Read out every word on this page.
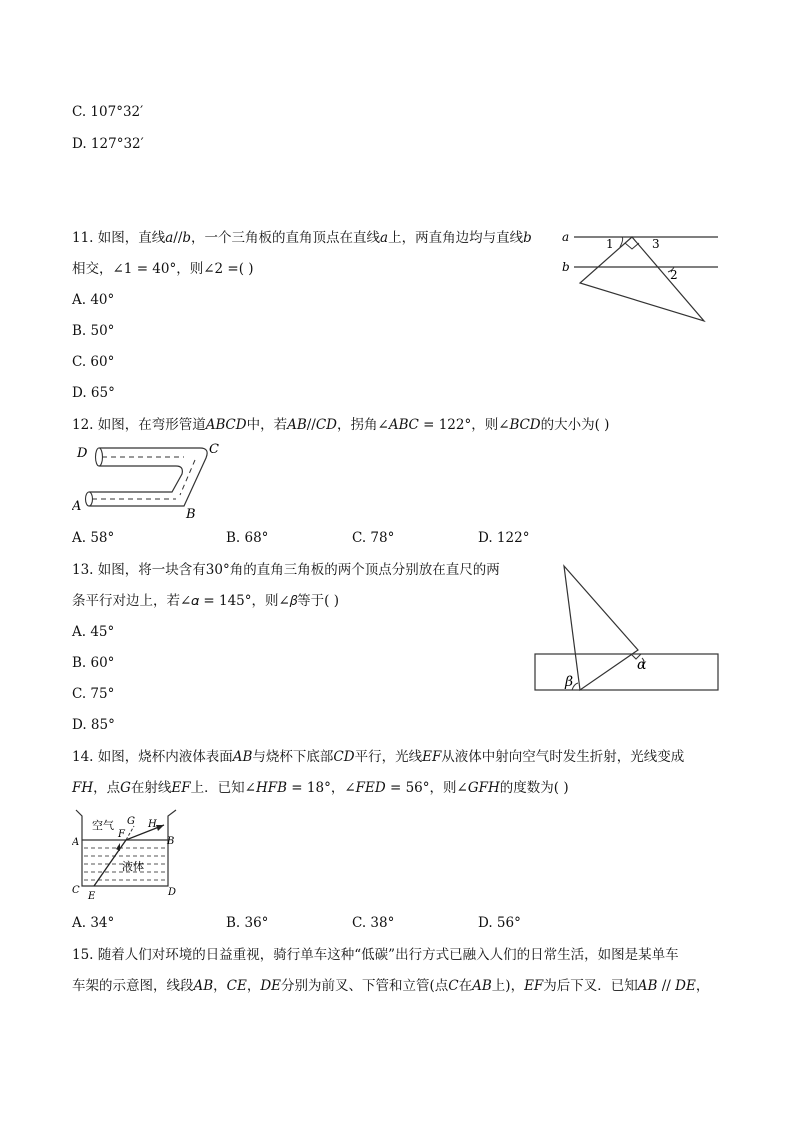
C. 107°32′
D. 127°32′
11. 如图，直线𝑎//𝑏，一个三角板的直角顶点在直线𝑎上，两直角边均与直线𝑏
相交，∠1 = 40°，则∠2 =( )
A. 40°
B. 50°
C. 60°
D. 65°
a
b
1	3
2
12. 如图，在弯形管道𝐴𝐵𝐶𝐷中，若𝐴𝐵//𝐶𝐷，拐角∠𝐴𝐵𝐶 = 122°，则∠𝐵𝐶𝐷的大小为( )
D	C
A
B
A. 58°	B. 68°	C. 78°	D. 122°
13. 如图，将一块含有30°角的直角三角板的两个顶点分别放在直尺的两
条平行对边上，若∠𝛼 = 145°，则∠𝛽等于( )
A. 45°
B. 60°
C. 75°
D. 85°
α
β
14. 如图，烧杯内液体表面𝐴𝐵与烧杯下底部𝐶𝐷平行，光线𝐸𝐹从液体中射向空气时发生折射，光线变成
𝐹𝐻，点𝐺在射线𝐸𝐹上．已知∠𝐻𝐹𝐵 = 18°，∠𝐹𝐸𝐷 = 56°，则∠𝐺𝐹𝐻的度数为( )
空气
液体
A	B
C	D
E
F
G H
A. 34°	B. 36°	C. 38°	D. 56°
15. 随着人们对环境的日益重视，骑行单车这种“低碳”出行方式已融入人们的日常生活，如图是某单车
车架的示意图，线段𝐴𝐵，𝐶𝐸，𝐷𝐸分别为前叉、下管和立管(点𝐶在𝐴𝐵上)，𝐸𝐹为后下叉．已知𝐴𝐵 // 𝐷𝐸，
